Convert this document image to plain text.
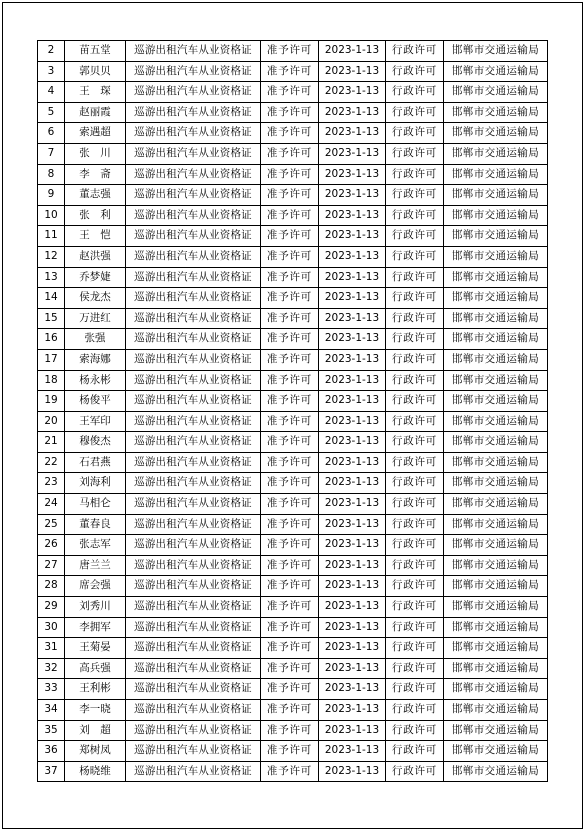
2	苗五堂	巡游出租汽车从业资格证	准予许可	2023-1-13	行政许可	邯郸市交通运输局
3	郭贝贝	巡游出租汽车从业资格证	准予许可	2023-1-13	行政许可	邯郸市交通运输局
4	王　琛	巡游出租汽车从业资格证	准予许可	2023-1-13	行政许可	邯郸市交通运输局
5	赵丽霞	巡游出租汽车从业资格证	准予许可	2023-1-13	行政许可	邯郸市交通运输局
6	索遇超	巡游出租汽车从业资格证	准予许可	2023-1-13	行政许可	邯郸市交通运输局
7	张　川	巡游出租汽车从业资格证	准予许可	2023-1-13	行政许可	邯郸市交通运输局
8	李　斋	巡游出租汽车从业资格证	准予许可	2023-1-13	行政许可	邯郸市交通运输局
9	董志强	巡游出租汽车从业资格证	准予许可	2023-1-13	行政许可	邯郸市交通运输局
10	张　利	巡游出租汽车从业资格证	准予许可	2023-1-13	行政许可	邯郸市交通运输局
11	王　恺	巡游出租汽车从业资格证	准予许可	2023-1-13	行政许可	邯郸市交通运输局
12	赵洪强	巡游出租汽车从业资格证	准予许可	2023-1-13	行政许可	邯郸市交通运输局
13	乔梦婕	巡游出租汽车从业资格证	准予许可	2023-1-13	行政许可	邯郸市交通运输局
14	侯龙杰	巡游出租汽车从业资格证	准予许可	2023-1-13	行政许可	邯郸市交通运输局
15	万进红	巡游出租汽车从业资格证	准予许可	2023-1-13	行政许可	邯郸市交通运输局
16	张强	巡游出租汽车从业资格证	准予许可	2023-1-13	行政许可	邯郸市交通运输局
17	索海娜	巡游出租汽车从业资格证	准予许可	2023-1-13	行政许可	邯郸市交通运输局
18	杨永彬	巡游出租汽车从业资格证	准予许可	2023-1-13	行政许可	邯郸市交通运输局
19	杨俊平	巡游出租汽车从业资格证	准予许可	2023-1-13	行政许可	邯郸市交通运输局
20	王军印	巡游出租汽车从业资格证	准予许可	2023-1-13	行政许可	邯郸市交通运输局
21	穆俊杰	巡游出租汽车从业资格证	准予许可	2023-1-13	行政许可	邯郸市交通运输局
22	石君燕	巡游出租汽车从业资格证	准予许可	2023-1-13	行政许可	邯郸市交通运输局
23	刘海利	巡游出租汽车从业资格证	准予许可	2023-1-13	行政许可	邯郸市交通运输局
24	马相仑	巡游出租汽车从业资格证	准予许可	2023-1-13	行政许可	邯郸市交通运输局
25	董春良	巡游出租汽车从业资格证	准予许可	2023-1-13	行政许可	邯郸市交通运输局
26	张志军	巡游出租汽车从业资格证	准予许可	2023-1-13	行政许可	邯郸市交通运输局
27	唐兰兰	巡游出租汽车从业资格证	准予许可	2023-1-13	行政许可	邯郸市交通运输局
28	席会强	巡游出租汽车从业资格证	准予许可	2023-1-13	行政许可	邯郸市交通运输局
29	刘秀川	巡游出租汽车从业资格证	准予许可	2023-1-13	行政许可	邯郸市交通运输局
30	李拥军	巡游出租汽车从业资格证	准予许可	2023-1-13	行政许可	邯郸市交通运输局
31	王菊晏	巡游出租汽车从业资格证	准予许可	2023-1-13	行政许可	邯郸市交通运输局
32	高兵强	巡游出租汽车从业资格证	准予许可	2023-1-13	行政许可	邯郸市交通运输局
33	王利彬	巡游出租汽车从业资格证	准予许可	2023-1-13	行政许可	邯郸市交通运输局
34	李一晓	巡游出租汽车从业资格证	准予许可	2023-1-13	行政许可	邯郸市交通运输局
35	刘　超	巡游出租汽车从业资格证	准予许可	2023-1-13	行政许可	邯郸市交通运输局
36	郑树凤	巡游出租汽车从业资格证	准予许可	2023-1-13	行政许可	邯郸市交通运输局
37	杨晓维	巡游出租汽车从业资格证	准予许可	2023-1-13	行政许可	邯郸市交通运输局
